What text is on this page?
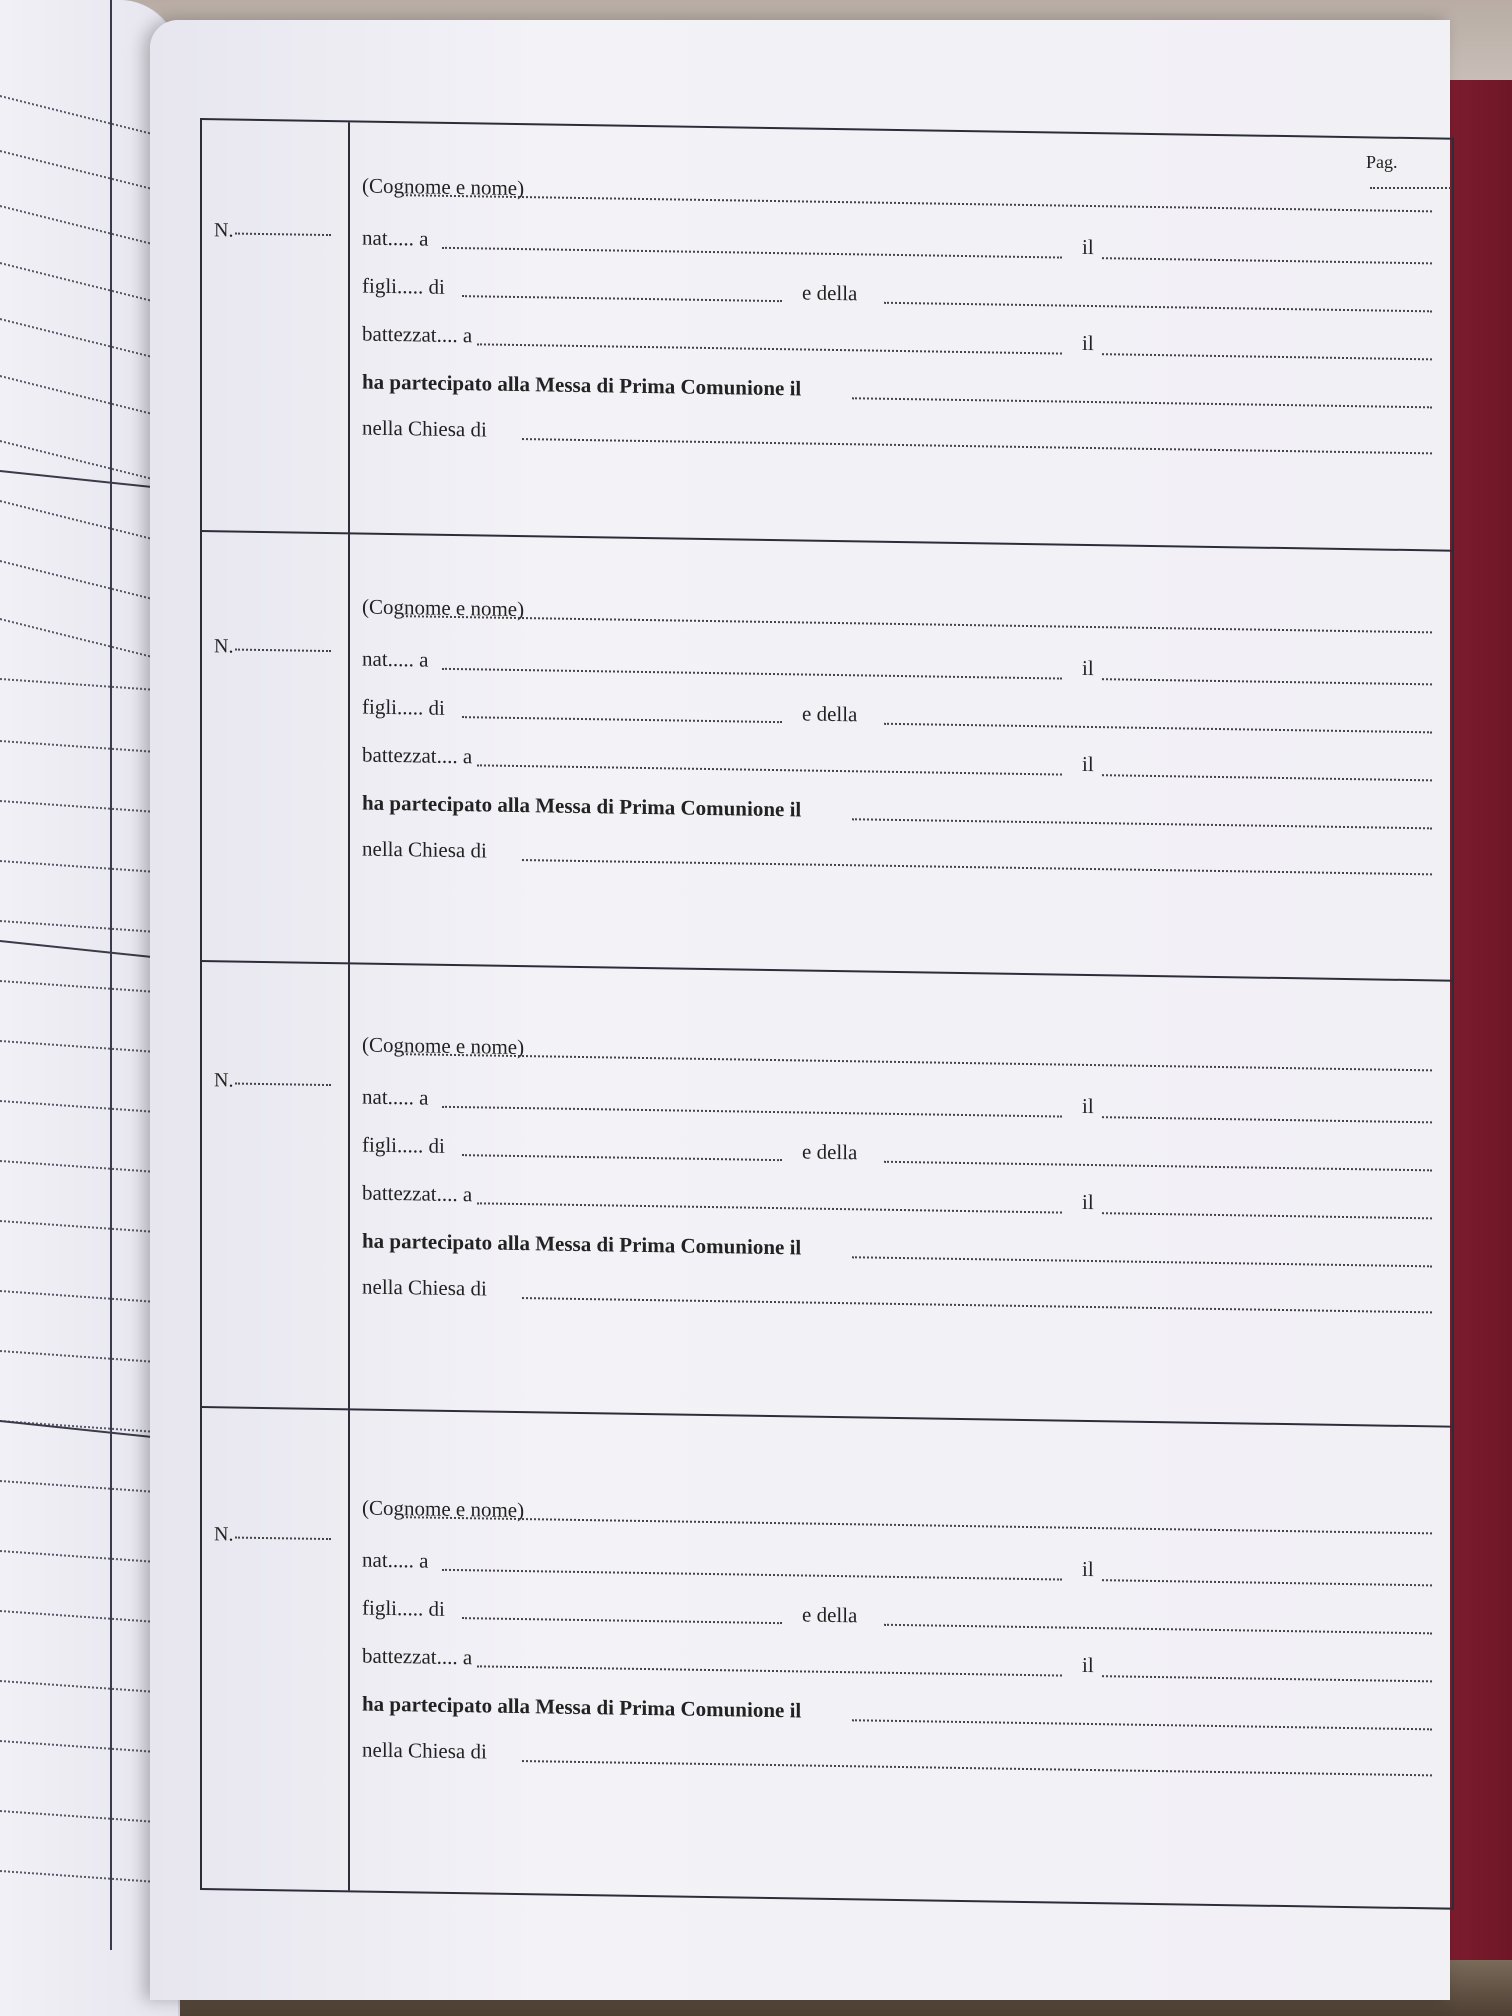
Pag.
N.
(Cognome e nome)
nat..... a	il
figli..... di	e della
battezzat.... a	il
ha partecipato alla Messa di Prima Comunione il
nella Chiesa di
N.
(Cognome e nome)
nat..... a	il
figli..... di	e della
battezzat.... a	il
ha partecipato alla Messa di Prima Comunione il
nella Chiesa di
N.
(Cognome e nome)
nat..... a	il
figli..... di	e della
battezzat.... a	il
ha partecipato alla Messa di Prima Comunione il
nella Chiesa di
N.
(Cognome e nome)
nat..... a	il
figli..... di	e della
battezzat.... a	il
ha partecipato alla Messa di Prima Comunione il
nella Chiesa di
